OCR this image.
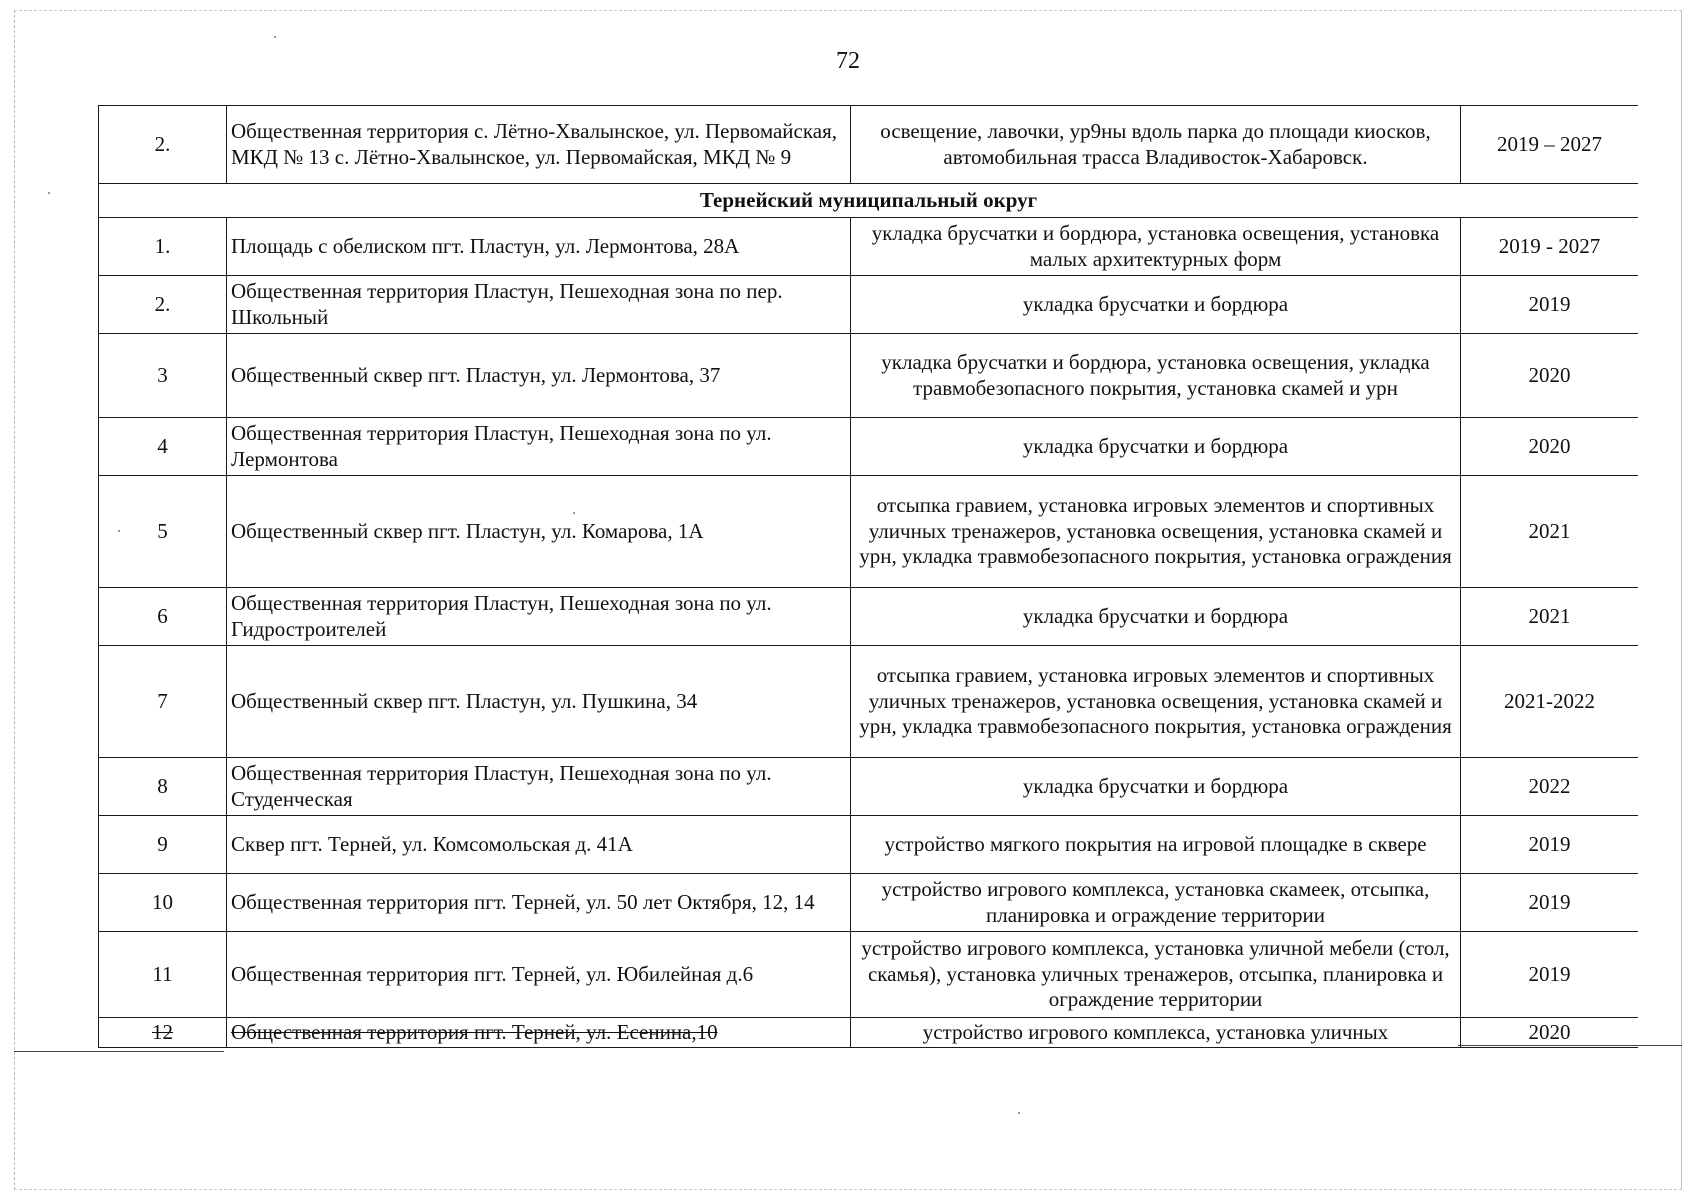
72
2.	Общественная территория с. Лётно-Хвалынское, ул. Первомайская, МКД № 13 с. Лётно-Хвалынское, ул. Первомайская, МКД № 9	освещение, лавочки, ур9ны вдоль парка до площади киосков, автомобильная трасса Владивосток-Хабаровск.	2019 – 2027
Тернейский муниципальный округ			
1.	Площадь с обелиском пгт. Пластун, ул. Лермонтова, 28А	укладка брусчатки и бордюра, установка освещения, установка малых архитектурных форм	2019 - 2027
2.	Общественная территория Пластун, Пешеходная зона по пер. Школьный	укладка брусчатки и бордюра	2019
3	Общественный сквер пгт. Пластун, ул. Лермонтова, 37	укладка брусчатки и бордюра, установка освещения, укладка травмобезопасного покрытия, установка скамей и урн	2020
4	Общественная территория Пластун, Пешеходная зона по ул. Лермонтова	укладка брусчатки и бордюра	2020
5	Общественный сквер пгт. Пластун, ул. Комарова, 1А	отсыпка гравием, установка игровых элементов и спортивных уличных тренажеров, установка освещения, установка скамей и урн, укладка травмобезопасного покрытия, установка ограждения	2021
6	Общественная территория Пластун, Пешеходная зона по ул. Гидростроителей	укладка брусчатки и бордюра	2021
7	Общественный сквер пгт. Пластун, ул. Пушкина, 34	отсыпка гравием, установка игровых элементов и спортивных уличных тренажеров, установка освещения, установка скамей и урн, укладка травмобезопасного покрытия, установка ограждения	2021-2022
8	Общественная территория Пластун, Пешеходная зона по ул. Студенческая	укладка брусчатки и бордюра	2022
9	Сквер пгт. Терней, ул. Комсомольская д. 41А	устройство мягкого покрытия на игровой площадке в сквере	2019
10	Общественная территория пгт. Терней, ул. 50 лет Октября, 12, 14	устройство игрового комплекса, установка скамеек, отсыпка, планировка и ограждение территории	2019
11	Общественная территория пгт. Терней, ул. Юбилейная д.6	устройство игрового комплекса, установка уличной мебели (стол, скамья), установка уличных тренажеров, отсыпка, планировка и ограждение территории	2019
12	Общественная территория пгт. Терней, ул. Есенина,10	устройство игрового комплекса, установка уличных	2020
